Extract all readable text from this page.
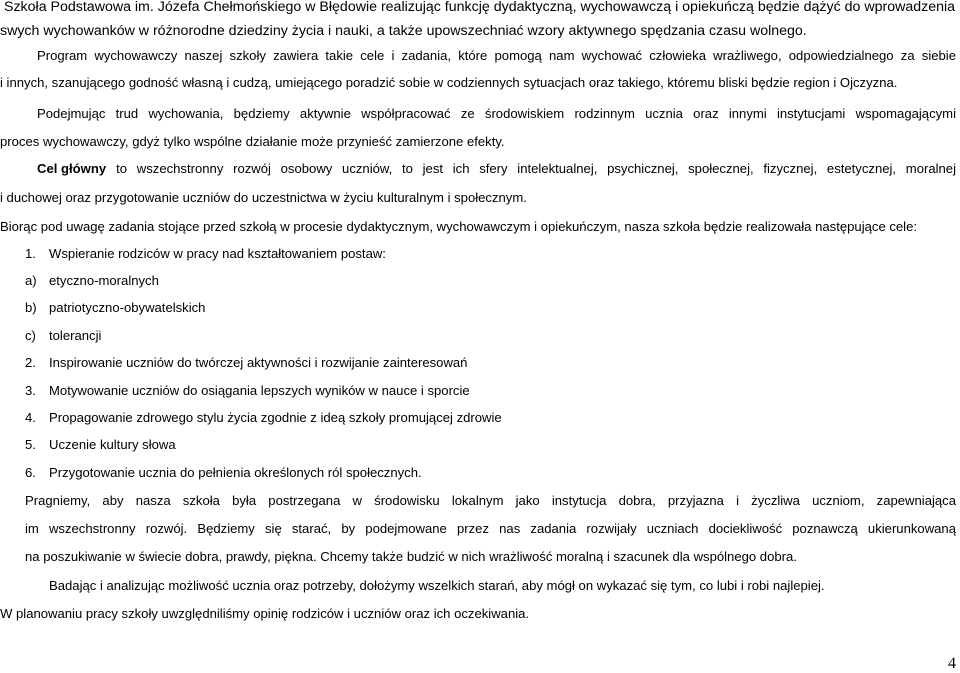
Szkoła Podstawowa im. Józefa Chełmońskiego w Błędowie realizując funkcję dydaktyczną, wychowawczą i opiekuńczą będzie dążyć do wprowadzenia
swych wychowanków w różnorodne dziedziny życia i nauki, a także upowszechniać wzory aktywnego spędzania czasu wolnego.
Program wychowawczy naszej szkoły zawiera takie cele i zadania, które pomogą nam wychować człowieka wrażliwego, odpowiedzialnego za siebie
i innych, szanującego godność własną i cudzą, umiejącego poradzić sobie w codziennych sytuacjach oraz takiego, któremu bliski będzie region i Ojczyzna.
Podejmując trud wychowania, będziemy aktywnie współpracować ze środowiskiem rodzinnym ucznia oraz innymi instytucjami wspomagającymi
proces wychowawczy, gdyż tylko wspólne działanie może przynieść zamierzone efekty.
Cel główny to wszechstronny rozwój osobowy uczniów, to jest ich sfery intelektualnej, psychicznej, społecznej, fizycznej, estetycznej, moralnej
i duchowej oraz przygotowanie uczniów do uczestnictwa w życiu kulturalnym i społecznym.
Biorąc pod uwagę zadania stojące przed szkołą w procesie dydaktycznym, wychowawczym i opiekuńczym, nasza szkoła będzie realizowała następujące cele:
1. Wspieranie rodziców w pracy nad kształtowaniem postaw:
a) etyczno-moralnych
b) patriotyczno-obywatelskich
c) tolerancji
2. Inspirowanie uczniów do twórczej aktywności i rozwijanie zainteresowań
3. Motywowanie uczniów do osiągania lepszych wyników w nauce i sporcie
4. Propagowanie zdrowego stylu życia zgodnie z ideą szkoły promującej zdrowie
5. Uczenie kultury słowa
6. Przygotowanie ucznia do pełnienia określonych ról społecznych.
Pragniemy, aby nasza szkoła była postrzegana w środowisku lokalnym jako instytucja dobra, przyjazna i życzliwa uczniom, zapewniająca
im wszechstronny rozwój. Będziemy się starać, by podejmowane przez nas zadania rozwijały uczniach dociekliwość poznawczą ukierunkowaną
na poszukiwanie w świecie dobra, prawdy, piękna. Chcemy także budzić w nich wrażliwość moralną i szacunek dla wspólnego dobra.
Badając i analizując możliwość ucznia oraz potrzeby, dołożymy wszelkich starań, aby mógł on wykazać się tym, co lubi i robi najlepiej.
W planowaniu pracy szkoły uwzględniliśmy opinię rodziców i uczniów oraz ich oczekiwania.
4
